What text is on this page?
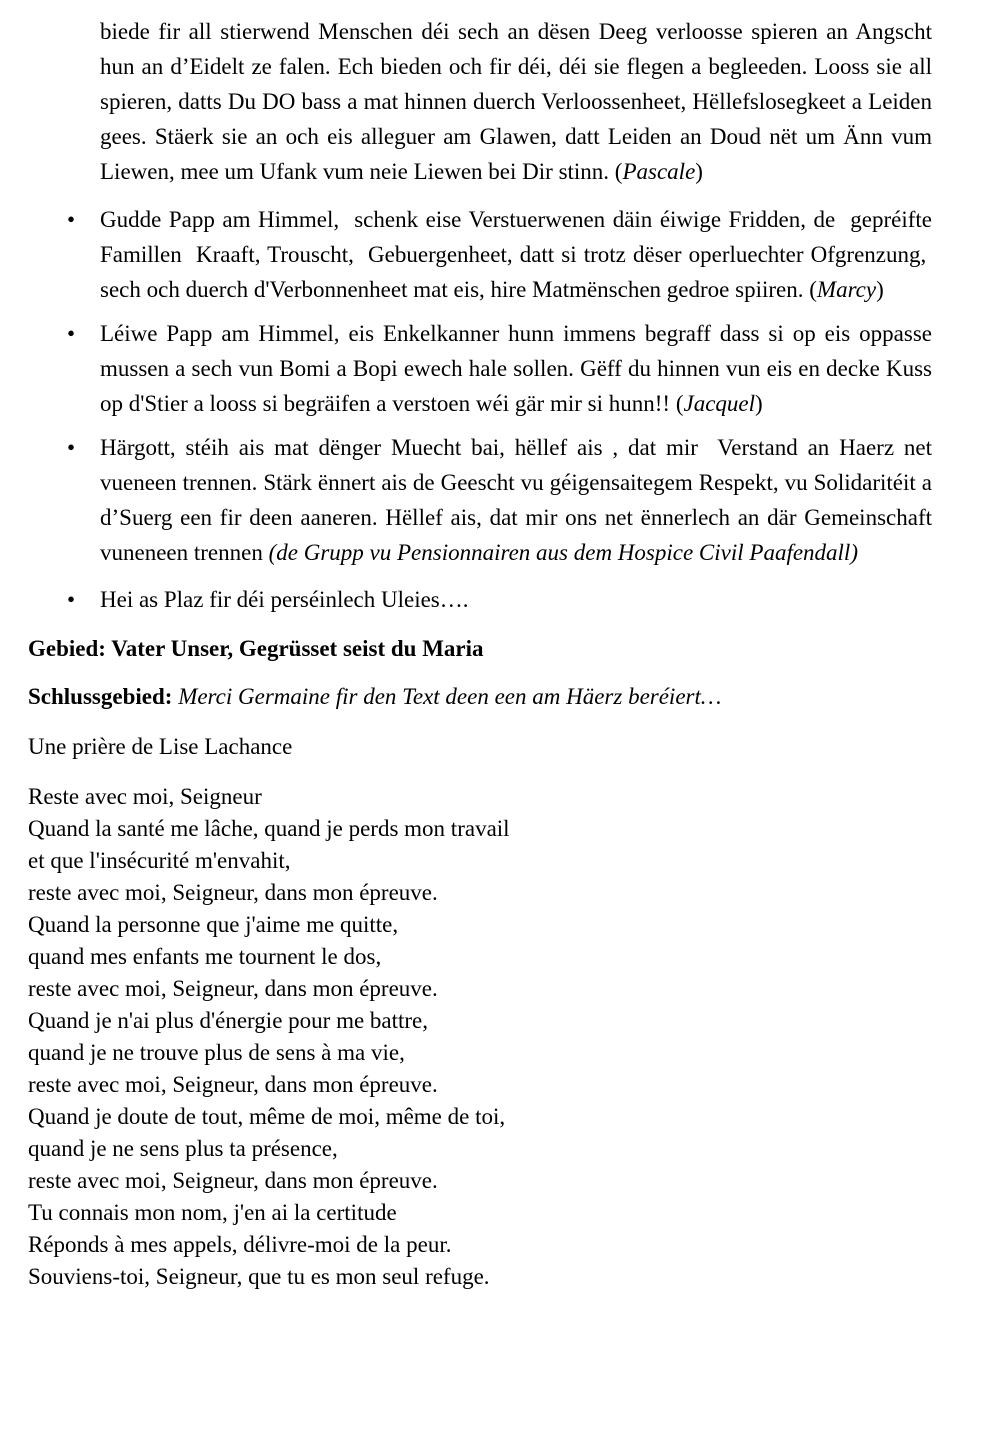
biede fir all stierwend Menschen déi sech an dësen Deeg verloosse spieren an Angscht hun an d’Eidelt ze falen. Ech bieden och fir déi, déi sie flegen a begleeden. Looss sie all spieren, datts Du DO bass a mat hinnen duerch Verloossenheet, Hëllefslosegkeet a Leiden gees. Stäerk sie an och eis alleguer am Glawen, datt Leiden an Doud nët um Änn vum Liewen, mee um Ufank vum neie Liewen bei Dir stinn. (Pascale)

• Gudde Papp am Himmel,  schenk eise Verstuerwenen däin éiwige Fridden, de  gepréifte Famillen  Kraaft, Trouscht,  Gebuergenheet, datt si trotz dëser operluechter Ofgrenzung,  sech och duerch d'Verbonnenheet mat eis, hire Matmënschen gedroe spiiren. (Marcy)

• Léiwe Papp am Himmel, eis Enkelkanner hunn immens begraff dass si op eis oppasse mussen a sech vun Bomi a Bopi ewech hale sollen. Gëff du hinnen vun eis en decke Kuss op d'Stier a looss si begräifen a verstoen wéi gär mir si hunn!! (Jacquel)

• Härgott, stéih ais mat dënger Muecht bai, hëllef ais , dat mir  Verstand an Haerz net vueneen trennen. Stärk ënnert ais de Geescht vu géigensaitegem Respekt, vu Solidaritéit a d’Suerg een fir deen aaneren. Hëllef ais, dat mir ons net ënnerlech an där Gemeinschaft vuneneen trennen (de Grupp vu Pensionnairen aus dem Hospice Civil Paafendall)

• Hei as Plaz fir déi perséinlech Uleies….

Gebied: Vater Unser, Gegrüsset seist du Maria

Schlussgebied: Merci Germaine fir den Text deen een am Häerz beréiert…

Une prière de Lise Lachance

Reste avec moi, Seigneur
Quand la santé me lâche, quand je perds mon travail
et que l'insécurité m'envahit,
reste avec moi, Seigneur, dans mon épreuve.
Quand la personne que j'aime me quitte,
quand mes enfants me tournent le dos,
reste avec moi, Seigneur, dans mon épreuve.
Quand je n'ai plus d'énergie pour me battre,
quand je ne trouve plus de sens à ma vie,
reste avec moi, Seigneur, dans mon épreuve.
Quand je doute de tout, même de moi, même de toi,
quand je ne sens plus ta présence,
reste avec moi, Seigneur, dans mon épreuve.
Tu connais mon nom, j'en ai la certitude
Réponds à mes appels, délivre-moi de la peur.
Souviens-toi, Seigneur, que tu es mon seul refuge.
